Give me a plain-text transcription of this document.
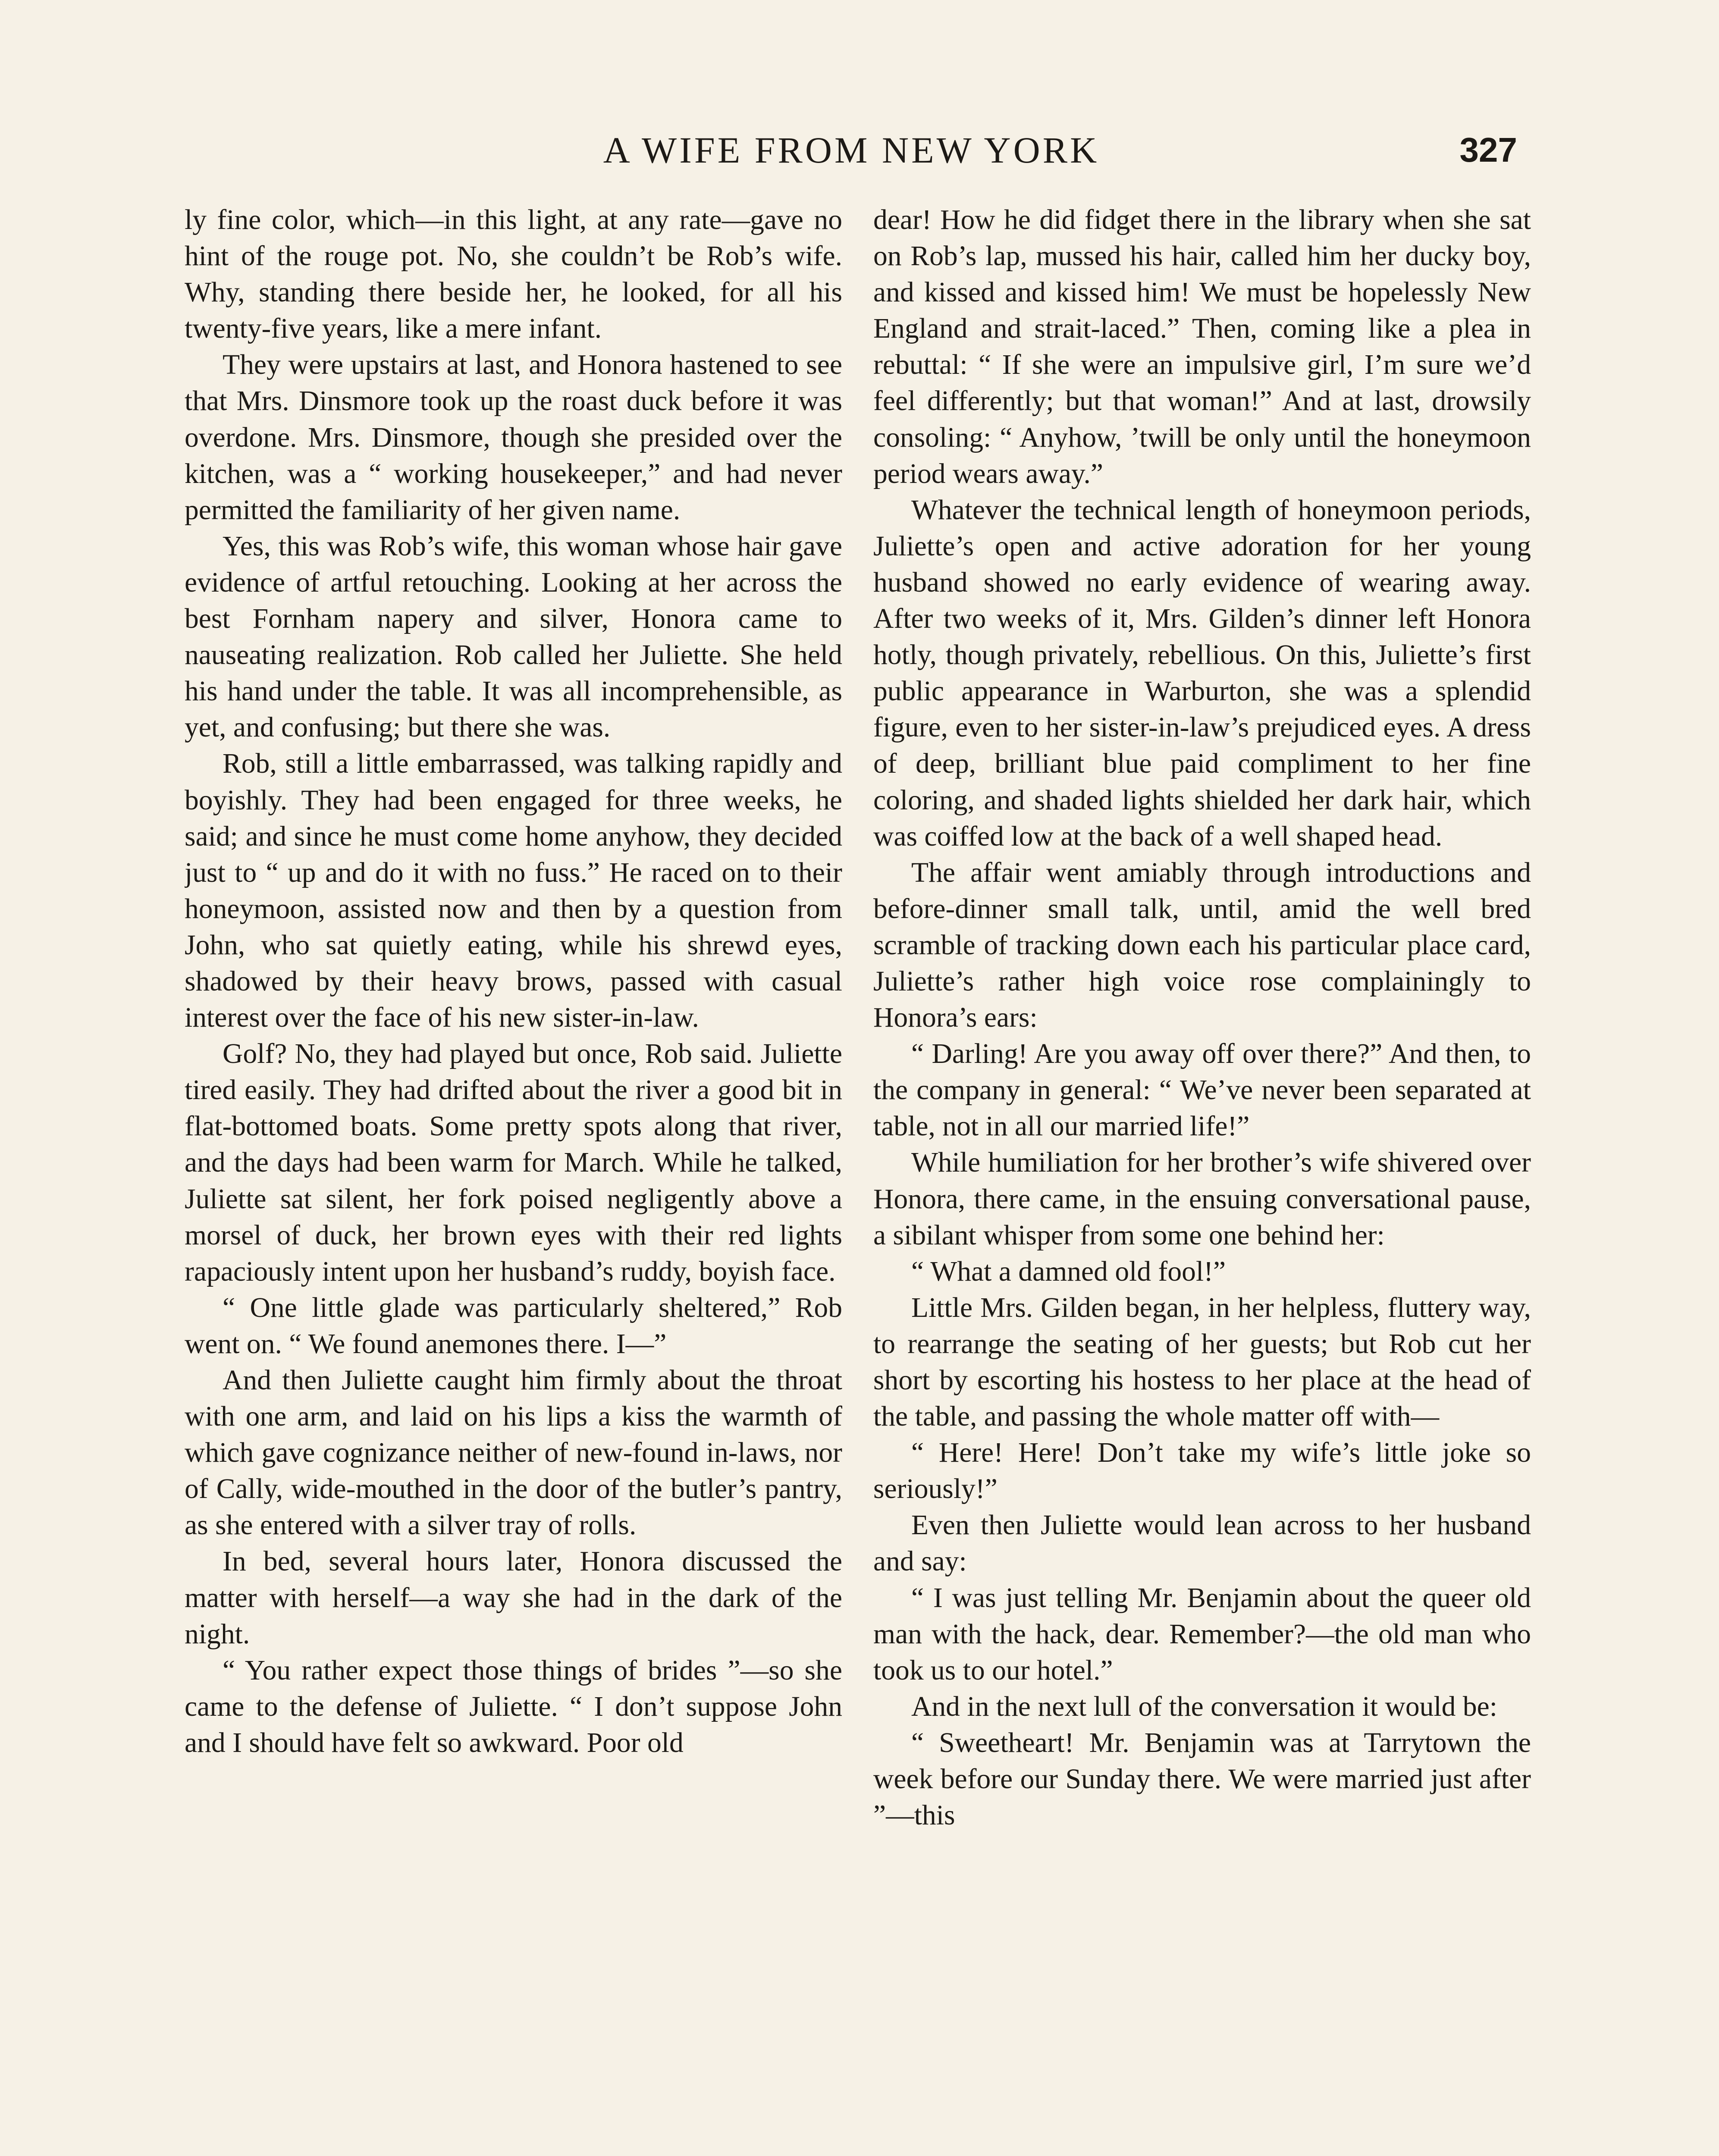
A WIFE FROM NEW YORK	327

ly fine color, which—in this light, at any rate—gave no hint of the rouge pot. No, she couldn’t be Rob’s wife. Why, standing there beside her, he looked, for all his twenty-five years, like a mere infant.

They were upstairs at last, and Honora hastened to see that Mrs. Dinsmore took up the roast duck before it was overdone. Mrs. Dinsmore, though she presided over the kitchen, was a “ working housekeeper,” and had never permitted the familiarity of her given name.

Yes, this was Rob’s wife, this woman whose hair gave evidence of artful retouching. Looking at her across the best Fornham napery and silver, Honora came to nauseating realization. Rob called her Juliette. She held his hand under the table. It was all incomprehensible, as yet, and confusing; but there she was.

Rob, still a little embarrassed, was talking rapidly and boyishly. They had been engaged for three weeks, he said; and since he must come home anyhow, they decided just to “ up and do it with no fuss.” He raced on to their honeymoon, assisted now and then by a question from John, who sat quietly eating, while his shrewd eyes, shadowed by their heavy brows, passed with casual interest over the face of his new sister-in-law.

Golf? No, they had played but once, Rob said. Juliette tired easily. They had drifted about the river a good bit in flat-bottomed boats. Some pretty spots along that river, and the days had been warm for March. While he talked, Juliette sat silent, her fork poised negligently above a morsel of duck, her brown eyes with their red lights rapaciously intent upon her husband’s ruddy, boyish face.

“ One little glade was particularly sheltered,” Rob went on. “ We found anemones there. I—”

And then Juliette caught him firmly about the throat with one arm, and laid on his lips a kiss the warmth of which gave cognizance neither of new-found in-laws, nor of Cally, wide-mouthed in the door of the butler’s pantry, as she entered with a silver tray of rolls.

In bed, several hours later, Honora discussed the matter with herself—a way she had in the dark of the night.

“ You rather expect those things of brides ”—so she came to the defense of Juliette. “ I don’t suppose John and I should have felt so awkward. Poor old

dear! How he did fidget there in the library when she sat on Rob’s lap, mussed his hair, called him her ducky boy, and kissed and kissed him! We must be hopelessly New England and strait-laced.” Then, coming like a plea in rebuttal: “ If she were an impulsive girl, I’m sure we’d feel differently; but that woman!” And at last, drowsily consoling: “ Anyhow, ’twill be only until the honeymoon period wears away.”

Whatever the technical length of honeymoon periods, Juliette’s open and active adoration for her young husband showed no early evidence of wearing away. After two weeks of it, Mrs. Gilden’s dinner left Honora hotly, though privately, rebellious. On this, Juliette’s first public appearance in Warburton, she was a splendid figure, even to her sister-in-law’s prejudiced eyes. A dress of deep, brilliant blue paid compliment to her fine coloring, and shaded lights shielded her dark hair, which was coiffed low at the back of a well shaped head.

The affair went amiably through introductions and before-dinner small talk, until, amid the well bred scramble of tracking down each his particular place card, Juliette’s rather high voice rose complainingly to Honora’s ears:

“ Darling! Are you away off over there?” And then, to the company in general: “ We’ve never been separated at table, not in all our married life!”

While humiliation for her brother’s wife shivered over Honora, there came, in the ensuing conversational pause, a sibilant whisper from some one behind her:

“ What a damned old fool!”

Little Mrs. Gilden began, in her helpless, fluttery way, to rearrange the seating of her guests; but Rob cut her short by escorting his hostess to her place at the head of the table, and passing the whole matter off with—

“ Here! Here! Don’t take my wife’s little joke so seriously!”

Even then Juliette would lean across to her husband and say:

“ I was just telling Mr. Benjamin about the queer old man with the hack, dear. Remember?—the old man who took us to our hotel.”

And in the next lull of the conversation it would be:

“ Sweetheart! Mr. Benjamin was at Tarrytown the week before our Sunday there. We were married just after ”—this
